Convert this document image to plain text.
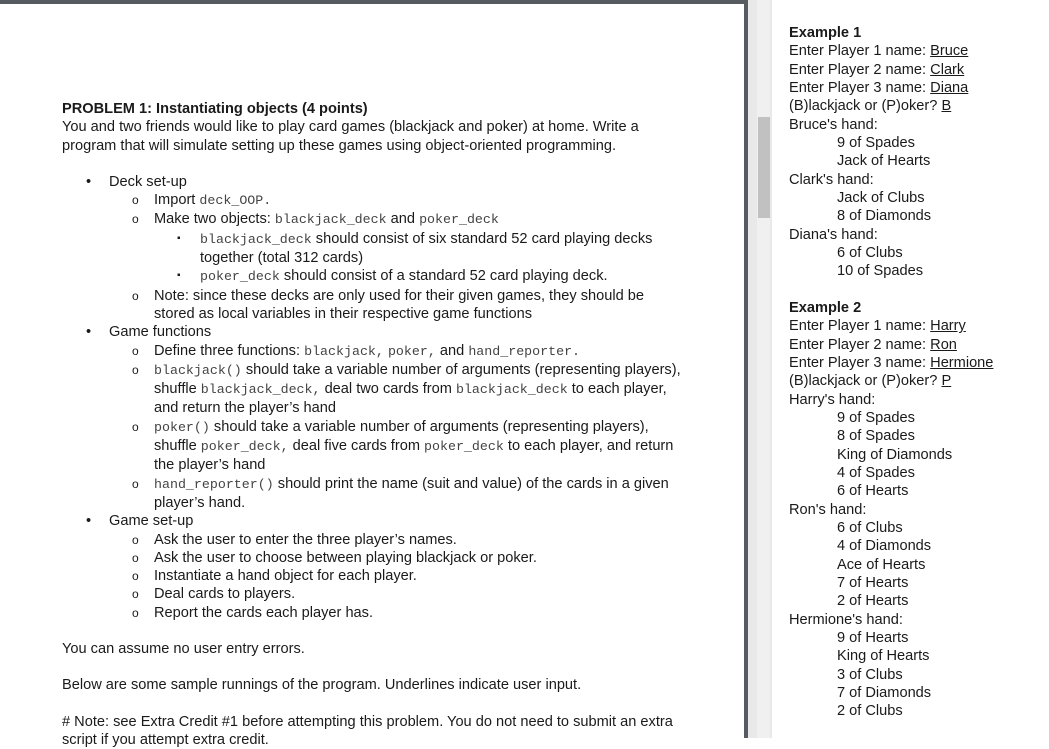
PROBLEM 1: Instantiating objects (4 points)

You and two friends would like to play card games (blackjack and poker) at home. Write a program that will simulate setting up these games using object-oriented programming.

• Deck set-up
o Import deck_OOP.
o Make two objects: blackjack_deck and poker_deck
▪ blackjack_deck should consist of six standard 52 card playing decks together (total 312 cards)
▪ poker_deck should consist of a standard 52 card playing deck.
o Note: since these decks are only used for their given games, they should be stored as local variables in their respective game functions
• Game functions
o Define three functions: blackjack, poker, and hand_reporter.
o blackjack() should take a variable number of arguments (representing players), shuffle blackjack_deck, deal two cards from blackjack_deck to each player, and return the player’s hand
o poker() should take a variable number of arguments (representing players), shuffle poker_deck, deal five cards from poker_deck to each player, and return the player’s hand
o hand_reporter() should print the name (suit and value) of the cards in a given player’s hand.
• Game set-up
o Ask the user to enter the three player’s names.
o Ask the user to choose between playing blackjack or poker.
o Instantiate a hand object for each player.
o Deal cards to players.
o Report the cards each player has.

You can assume no user entry errors.

Below are some sample runnings of the program. Underlines indicate user input.

# Note: see Extra Credit #1 before attempting this problem. You do not need to submit an extra script if you attempt extra credit.

Example 1
Enter Player 1 name: Bruce
Enter Player 2 name: Clark
Enter Player 3 name: Diana
(B)lackjack or (P)oker? B
Bruce's hand:
9 of Spades
Jack of Hearts
Clark's hand:
Jack of Clubs
8 of Diamonds
Diana's hand:
6 of Clubs
10 of Spades
Example 2
Enter Player 1 name: Harry
Enter Player 2 name: Ron
Enter Player 3 name: Hermione
(B)lackjack or (P)oker? P
Harry's hand:
9 of Spades
8 of Spades
King of Diamonds
4 of Spades
6 of Hearts
Ron's hand:
6 of Clubs
4 of Diamonds
Ace of Hearts
7 of Hearts
2 of Hearts
Hermione's hand:
9 of Hearts
King of Hearts
3 of Clubs
7 of Diamonds
2 of Clubs
